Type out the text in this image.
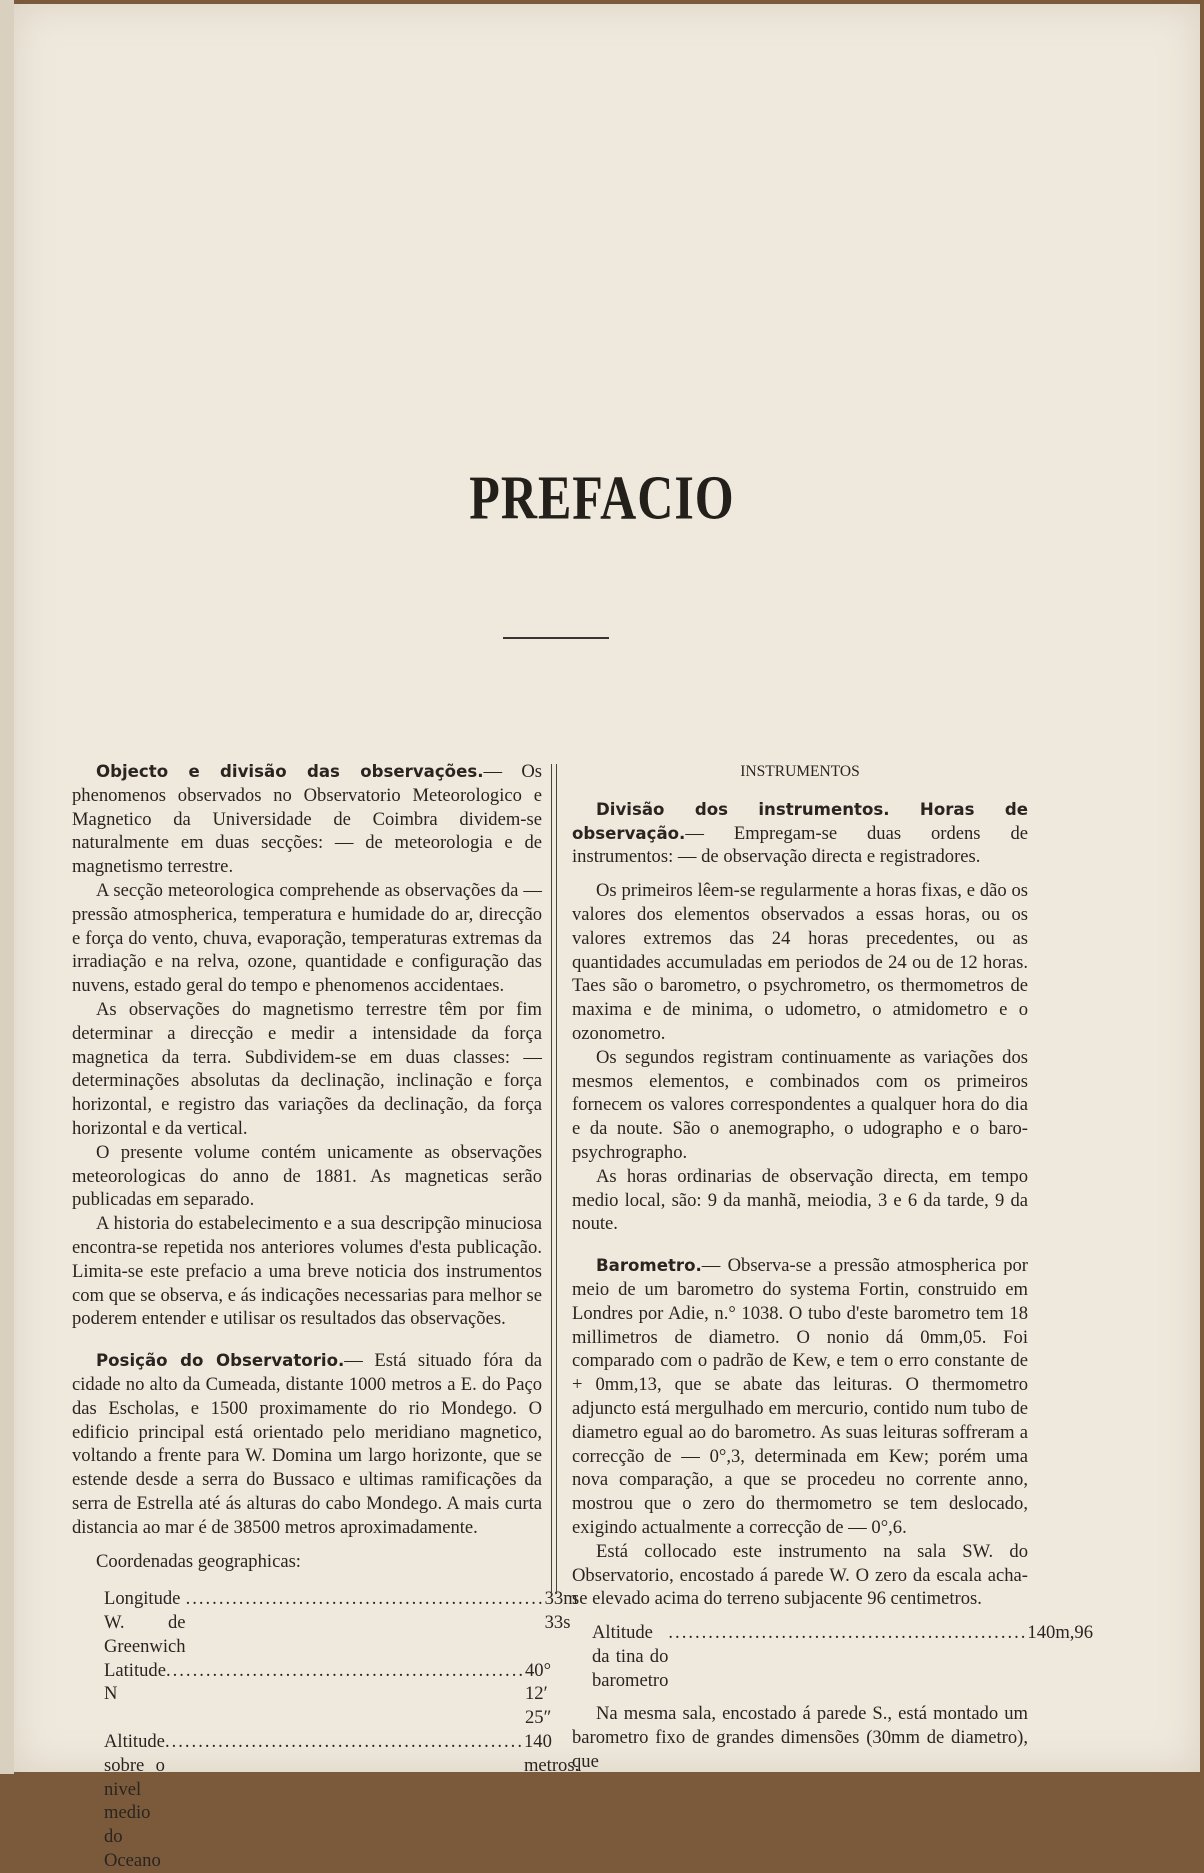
PREFACIO

Objecto e divisão das observações.— Os phenomenos observados no Observatorio Meteorologico e Magnetico da Universidade de Coimbra dividem-se naturalmente em duas secções: — de meteorologia e de magnetismo terrestre.

A secção meteorologica comprehende as observações da — pressão atmospherica, temperatura e humidade do ar, direcção e força do vento, chuva, evaporação, temperaturas extremas da irradiação e na relva, ozone, quantidade e configuração das nuvens, estado geral do tempo e phenomenos accidentaes.

As observações do magnetismo terrestre têm por fim determinar a direcção e medir a intensidade da força magnetica da terra. Subdividem-se em duas classes: — determinações absolutas da declinação, inclinação e força horizontal, e registro das variações da declinação, da força horizontal e da vertical.

O presente volume contém unicamente as observações meteorologicas do anno de 1881. As magneticas serão publicadas em separado.

A historia do estabelecimento e a sua descripção minuciosa encontra-se repetida nos anteriores volumes d'esta publicação. Limita-se este prefacio a uma breve noticia dos instrumentos com que se observa, e ás indicações necessarias para melhor se poderem entender e utilisar os resultados das observações.

Posição do Observatorio.— Está situado fóra da cidade no alto da Cumeada, distante 1000 metros a E. do Paço das Escholas, e 1500 proximamente do rio Mondego. O edificio principal está orientado pelo meridiano magnetico, voltando a frente para W. Domina um largo horizonte, que se estende desde a serra do Bussaco e ultimas ramificações da serra de Estrella até ás alturas do cabo Mondego. A mais curta distancia ao mar é de 38500 metros aproximadamente.

Coordenadas geographicas:

Longitude W. de Greenwich
...................................................... 33m 33s
Latitude N
...................................................... 40° 12′ 25″
Altitude sobre o nivel medio do Oceano
...................................................... 140 metros.

INSTRUMENTOS

Divisão dos instrumentos. Horas de observação.— Empregam-se duas ordens de instrumentos: — de observação directa e registradores.

Os primeiros lêem-se regularmente a horas fixas, e dão os valores dos elementos observados a essas horas, ou os valores extremos das 24 horas precedentes, ou as quantidades accumuladas em periodos de 24 ou de 12 horas. Taes são o barometro, o psychrometro, os thermometros de maxima e de minima, o udometro, o atmidometro e o ozonometro.

Os segundos registram continuamente as variações dos mesmos elementos, e combinados com os primeiros fornecem os valores correspondentes a qualquer hora do dia e da noute. São o anemographo, o udographo e o baro-psychrographo.

As horas ordinarias de observação directa, em tempo medio local, são: 9 da manhã, meiodia, 3 e 6 da tarde, 9 da noute.

Barometro.— Observa-se a pressão atmospherica por meio de um barometro do systema Fortin, construido em Londres por Adie, n.° 1038. O tubo d'este barometro tem 18 millimetros de diametro. O nonio dá 0mm,05. Foi comparado com o padrão de Kew, e tem o erro constante de + 0mm,13, que se abate das leituras. O thermometro adjuncto está mergulhado em mercurio, contido num tubo de diametro egual ao do barometro. As suas leituras soffreram a correcção de — 0°,3, determinada em Kew; porém uma nova comparação, a que se procedeu no corrente anno, mostrou que o zero do thermometro se tem deslocado, exigindo actualmente a correcção de — 0°,6.

Está collocado este instrumento na sala SW. do Observatorio, encostado á parede W. O zero da escala acha-se elevado acima do terreno subjacente 96 centimetros.

Altitude da tina do barometro
...................................................... 140m,96

Na mesma sala, encostado á parede S., está montado um barometro fixo de grandes dimensões (30mm de diametro), que
